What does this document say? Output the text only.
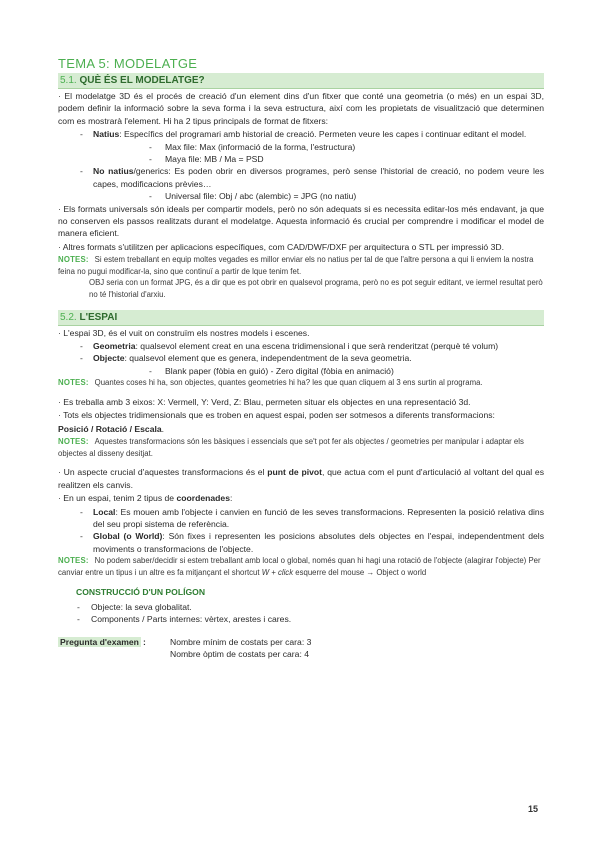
TEMA 5: MODELATGE
5.1. QUÈ ÉS EL MODELATGE?

· El modelatge 3D és el procés de creació d'un element dins d'un fitxer que conté una geometria (o més) en un espai 3D, podem definir la informació sobre la seva forma i la seva estructura, així com les propietats de visualització que determinen com es mostrarà l'element. Hi ha 2 tipus principals de format de fitxers:

- Natius: Específics del programari amb historial de creació. Permeten veure les capes i continuar editant el model.
- Max file: Max (informació de la forma, l'estructura)
- Maya file: MB / Ma = PSD
- No natius/generics: Es poden obrir en diversos programes, però sense l'historial de creació, no podem veure les capes, modificacions prèvies…
- Universal file: Obj / abc (alembic) = JPG (no natiu)

· Els formats universals són ideals per compartir models, però no són adequats si es necessita editar-los més endavant, ja que no conserven els passos realitzats durant el modelatge. Aquesta informació és crucial per comprendre i modificar el model de manera eficient.

· Altres formats s'utilitzen per aplicacions específiques, com CAD/DWF/DXF per arquitectura o STL per impressió 3D.

NOTES: Si estem treballant en equip moltes vegades es millor enviar els no natius per tal de que l'altre persona a qui li enviem la nostra feina no pugui modificar-la, sino que continuï a partir de lque tenim fet.
OBJ seria con un format JPG, és a dir que es pot obrir en qualsevol programa, però no es pot seguir editant, ve iermel resultat però no té l'historial d'arxiu.
5.2. L'ESPAI

· L'espai 3D, és el vuit on construïm els nostres models i escenes.

- Geometria: qualsevol element creat en una escena tridimensional i que serà renderitzat (perquè té volum)
- Objecte: qualsevol element que es genera, independentment de la seva geometria.
- Blank paper (fòbia en guió) - Zero digital (fòbia en animació)
NOTES: Quantes coses hi ha, son objectes, quantes geometries hi ha? les que quan cliquem al 3 ens surtin al programa.

· Es treballa amb 3 eixos: X: Vermell, Y: Verd, Z: Blau, permeten situar els objectes en una representació 3d.

· Tots els objectes tridimensionals que es troben en aquest espai, poden ser sotmesos a diferents transformacions:

Posició / Rotació / Escala.

NOTES: Aquestes transformacions són les bàsiques i essencials que se't pot fer als objectes / geometries per manipular i adaptar els objectes al disseny desitjat.

· Un aspecte crucial d'aquestes transformacions és el punt de pivot, que actua com el punt d'articulació al voltant del qual es realitzen els canvis.

· En un espai, tenim 2 tipus de coordenades:

- Local: Es mouen amb l'objecte i canvien en funció de les seves transformacions. Representen la posició relativa dins del seu propi sistema de referència.
- Global (o World): Són fixes i representen les posicions absolutes dels objectes en l'espai, independentment dels moviments o transformacions de l'objecte.
NOTES: No podem saber/decidir si estem treballant amb local o global, només quan hi hagi una rotació de l'objecte (alagirar l'objecte) Per canviar entre un tipus i un altre es fa mitjançant el shortcut W + click esquerre del mouse → Object o world
CONSTRUCCIÓ D'UN POLÍGON
- Objecte: la seva globalitat.
- Components / Parts internes: vèrtex, arestes i cares.
Pregunta d'examen :	Nombre mínim de costats per cara: 3
Nombre òptim de costats per cara: 4
15
